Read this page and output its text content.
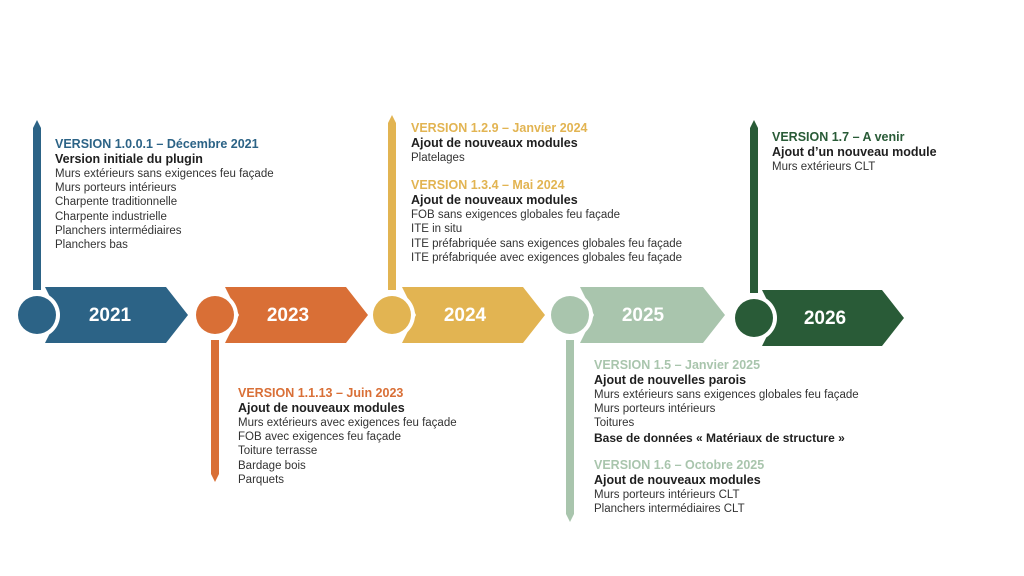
2021	2023	2024	2025	2026
VERSION 1.0.0.1 – Décembre 2021
Version initiale du plugin
Murs extérieurs sans exigences feu façade
Murs porteurs intérieurs
Charpente traditionnelle
Charpente industrielle
Planchers intermédiaires
Planchers bas
VERSION 1.1.13 – Juin 2023
Ajout de nouveaux modules
Murs extérieurs avec exigences feu façade
FOB avec exigences feu façade
Toiture terrasse
Bardage bois
Parquets
VERSION 1.2.9 – Janvier 2024
Ajout de nouveaux modules
Platelages
VERSION 1.3.4 – Mai 2024
Ajout de nouveaux modules
FOB sans exigences globales feu façade
ITE in situ
ITE préfabriquée sans exigences globales feu façade
ITE préfabriquée avec exigences globales feu façade
VERSION 1.5 – Janvier 2025
Ajout de nouvelles parois
Murs extérieurs sans exigences globales feu façade
Murs porteurs intérieurs
Toitures
Base de données « Matériaux de structure »
VERSION 1.6 – Octobre 2025
Ajout de nouveaux modules
Murs porteurs intérieurs CLT
Planchers intermédiaires CLT
VERSION 1.7 – A venir
Ajout d’un nouveau module
Murs extérieurs CLT
